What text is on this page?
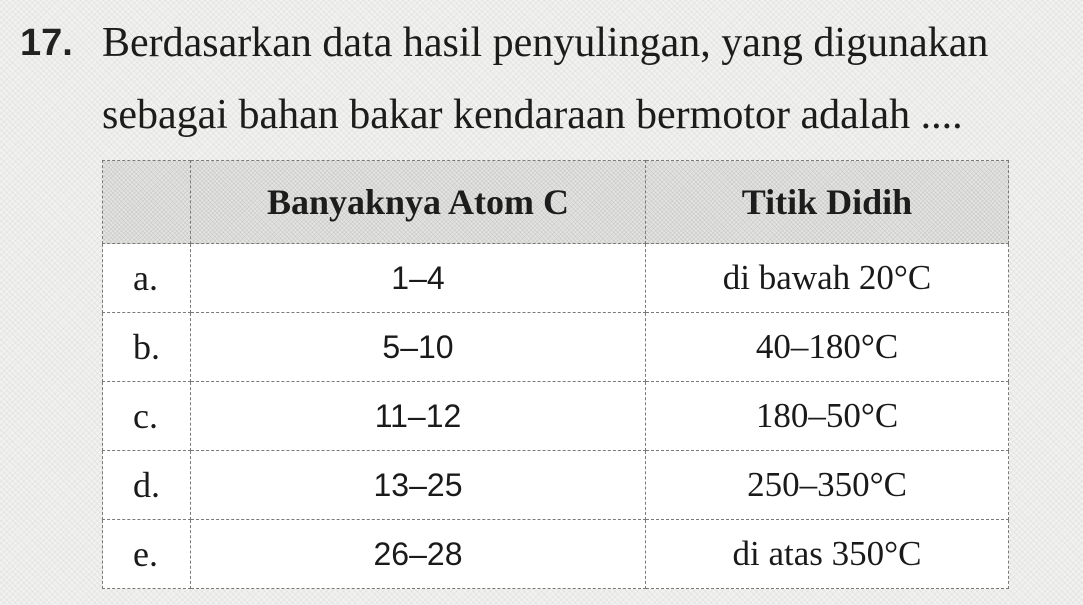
17. Berdasarkan data hasil penyulingan, yang digunakan
sebagai bahan bakar kendaraan bermotor adalah ....
	Banyaknya Atom C	Titik Didih
a.	1–4	di bawah 20°C
b.	5–10	40–180°C
c.	11–12	180–50°C
d.	13–25	250–350°C
e.	26–28	di atas 350°C
